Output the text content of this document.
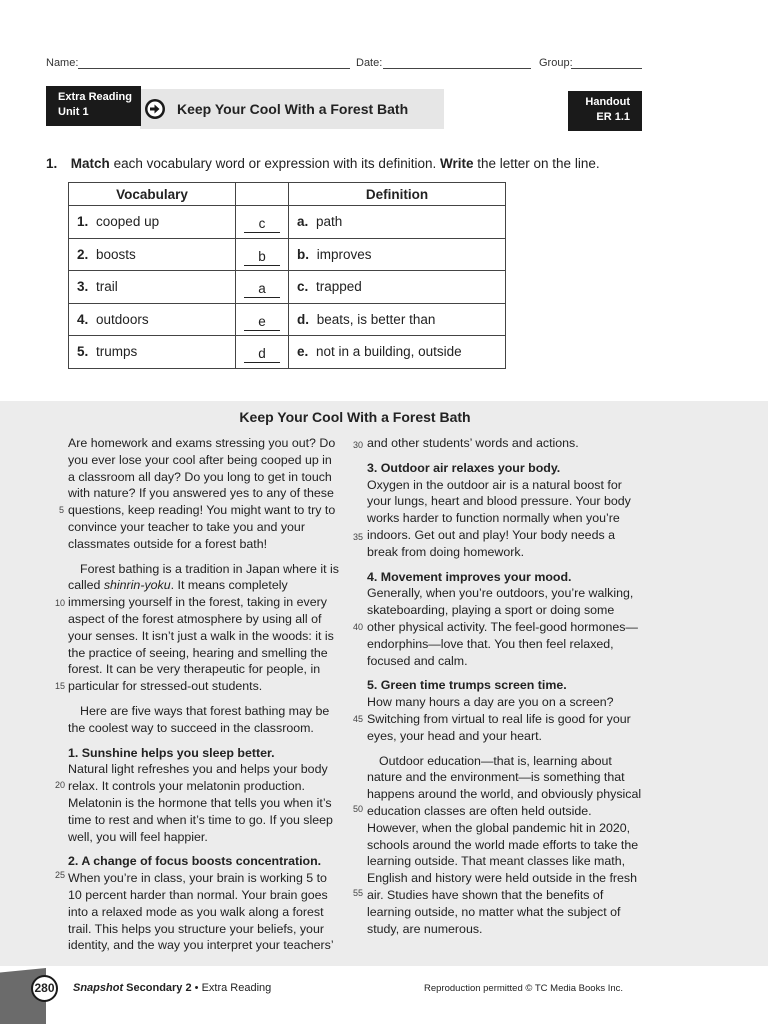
Name:	Date:	Group:
Extra Reading
Unit 1	Keep Your Cool With a Forest Bath	Handout
ER 1.1
1. Match each vocabulary word or expression with its definition. Write the letter on the line.
Vocabulary		Definition
1. cooped up	c	a. path
2. boosts	b	b. improves
3. trail	a	c. trapped
4. outdoors	e	d. beats, is better than
5. trumps	d	e. not in a building, outside
Keep Your Cool With a Forest Bath

Are homework and exams stressing you out? Do you ever lose your cool after being cooped up in a classroom all day? Do you long to get in touch with nature? If you answered yes to any of these questions, keep reading! You might want to try to convince your teacher to take you and your classmates outside for a forest bath!

Forest bathing is a tradition in Japan where it is called shinrin-yoku. It means completely immersing yourself in the forest, taking in every aspect of the forest atmosphere by using all of your senses. It isn’t just a walk in the woods: it is the practice of seeing, hearing and smelling the forest. It can be very therapeutic for people, in particular for stressed-out students.

Here are five ways that forest bathing may be the coolest way to succeed in the classroom.

1. Sunshine helps you sleep better.

Natural light refreshes you and helps your body relax. It controls your melatonin production. Melatonin is the hormone that tells you when it’s time to rest and when it’s time to go. If you sleep well, you will feel happier.

2. A change of focus boosts concentration.

When you’re in class, your brain is working 5 to 10 percent harder than normal. Your brain goes into a relaxed mode as you walk along a forest trail. This helps you structure your beliefs, your identity, and the way you interpret your teachers’

and other students’ words and actions.

3. Outdoor air relaxes your body.

Oxygen in the outdoor air is a natural boost for your lungs, heart and blood pressure. Your body works harder to function normally when you’re indoors. Get out and play! Your body needs a break from doing homework.

4. Movement improves your mood.

Generally, when you’re outdoors, you’re walking, skateboarding, playing a sport or doing some other physical activity. The feel-good hormones—endorphins—love that. You then feel relaxed, focused and calm.

5. Green time trumps screen time.

How many hours a day are you on a screen? Switching from virtual to real life is good for your eyes, your head and your heart.

Outdoor education—that is, learning about nature and the environment—is something that happens around the world, and obviously physical education classes are often held outside. However, when the global pandemic hit in 2020, schools around the world made efforts to take the learning outside. That meant classes like math, English and history were held outside in the fresh air. Studies have shown that the benefits of learning outside, no matter what the subject of study, are numerous.

5
10
15
20
25
30
35
40
45
50
55
280	Snapshot Secondary 2 • Extra Reading	Reproduction permitted © TC Media Books Inc.
